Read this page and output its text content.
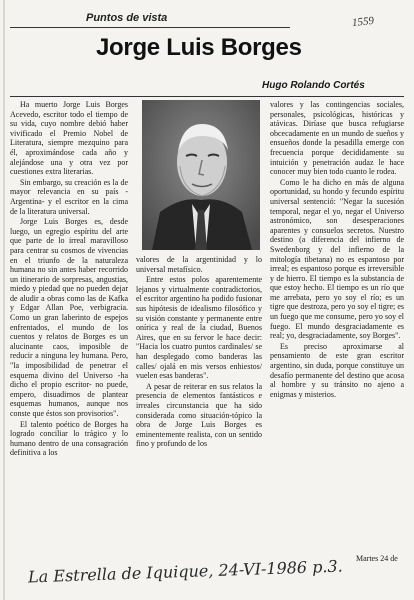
Puntos de vista	1559
Jorge Luis Borges
Hugo Rolando Cortés

Ha muerto Jorge Luis Borges Acevedo, escritor todo el tiempo de su vida, cuyo nombre debió haber vivificado el Premio Nobel de Literatura, siempre mezquino para él, aproximándose cada año y alejándose una y otra vez por cuestiones extra literarias.

Sin embargo, su creación es la de mayor relevancia en su país -Argentina- y el escritor en la cima de la literatura universal.

Jorge Luis Borges es, desde luego, un egregio espíritu del arte que parte de lo irreal maravilloso para centrar su cosmos de vivencias en el triunfo de la naturaleza humana no sin antes haber recorrido un itinerario de sorpresas, angustias, miedo y piedad que no pueden dejar de aludir a obras como las de Kafka y Edgar Allan Poe, verbigracia. Como un gran laberinto de espejos enfrentados, el mundo de los cuentos y relatos de Borges es un alucinante caos, imposible de reducir a ninguna ley humana. Pero, "la imposibilidad de penetrar el esquema divino del Universo -ha dicho el propio escritor- no puede, empero, disuadirnos de plantear esquemas humanos, aunque nos conste que éstos son provisorios".

El talento poético de Borges ha logrado conciliar lo trágico y lo humano dentro de una consagración definitiva a los

valores de la argentinidad y lo universal metafísico.

Entre estos polos aparentemente lejanos y virtualmente contradictorios, el escritor argentino ha podido fusionar sus hipótesis de idealismo filosófico y su visión constante y permanente entre onírica y real de la ciudad, Buenos Aires, que en su fervor le hace decir: "Hacia los cuatro puntos cardinales/ se han desplegado como banderas las calles/ ojalá en mis versos enhiestos/ vuelen esas banderas".

A pesar de reiterar en sus relatos la presencia de elementos fantásticos e irreales circunstancia que ha sido considerada como situación-tópico la obra de Jorge Luis Borges es eminentemente realista, con un sentido fino y profundo de los

valores y las contingencias sociales, personales, psicológicas, históricas y atávicas. Diríase que busca refugiarse obcecadamente en un mundo de sueños y ensueños donde la pesadilla emerge con frecuencia porque decididamente su intuición y penetración audaz le hace conocer muy bien todo cuanto le rodea.

Como le ha dicho en más de alguna oportunidad, su hondo y fecundo espíritu universal sentenció: "Negar la sucesión temporal, negar el yo, negar el Universo astronómico, son desesperaciones aparentes y consuelos secretos. Nuestro destino (a diferencia del infierno de Swedenborg y del infierno de la mitología tibetana) no es espantoso por irreal; es espantoso porque es irreversible y de hierro. El tiempo es la substancia de que estoy hecho. El tiempo es un río que me arrebata, pero yo soy el río; es un tigre que destroza, pero yo soy el tigre; es un fuego que me consume, pero yo soy el fuego. El mundo desgraciadamente es real; yo, desgraciadamente, soy Borges".

Es preciso aproximarse al pensamiento de este gran escritor argentino, sin duda, porque constituye un desafío permanente del destino que acosa al hombre y su tránsito no ajeno a enigmas y misterios.

Martes 24 de
La Estrella de Iquique, 24-VI-1986 p.3.
